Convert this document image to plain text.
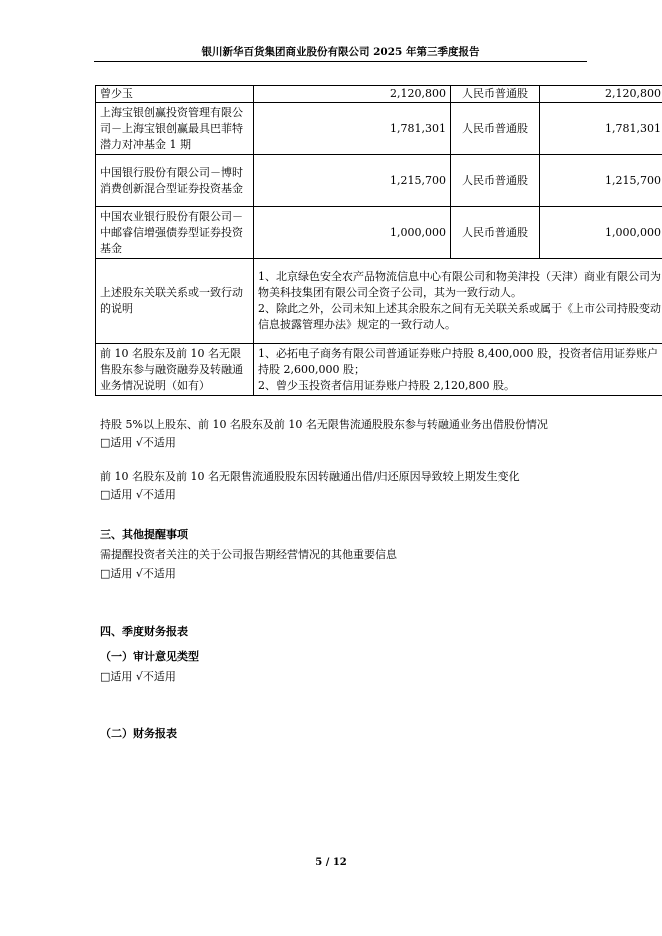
银川新华百货集团商业股份有限公司 2025 年第三季度报告
曾少玉	2,120,800	人民币普通股	2,120,800
上海宝银创赢投资管理有限公司－上海宝银创赢最具巴菲特潜力对冲基金 1 期	1,781,301	人民币普通股	1,781,301
中国银行股份有限公司－博时消费创新混合型证券投资基金	1,215,700	人民币普通股	1,215,700
中国农业银行股份有限公司－中邮睿信增强债券型证券投资基金	1,000,000	人民币普通股	1,000,000
上述股东关联关系或一致行动的说明	1、北京绿色安全农产品物流信息中心有限公司和物美津投（天津）商业有限公司为物美科技集团有限公司全资子公司，其为一致行动人。
2、除此之外，公司未知上述其余股东之间有无关联关系或属于《上市公司持股变动信息披露管理办法》规定的一致行动人。		

前 10 名股东及前 10 名无限售股东参与融资融券及转融通业务情况说明（如有）	1、必拓电子商务有限公司普通证券账户持股 8,400,000 股，投资者信用证券账户持股 2,600,000 股；
2、曾少玉投资者信用证券账户持股 2,120,800 股。		
持股 5%以上股东、前 10 名股东及前 10 名无限售流通股股东参与转融通业务出借股份情况
□适用 √不适用
前 10 名股东及前 10 名无限售流通股股东因转融通出借/归还原因导致较上期发生变化
□适用 √不适用
三、其他提醒事项
需提醒投资者关注的关于公司报告期经营情况的其他重要信息
□适用 √不适用
四、季度财务报表
（一）审计意见类型
□适用 √不适用
（二）财务报表
5 / 12
